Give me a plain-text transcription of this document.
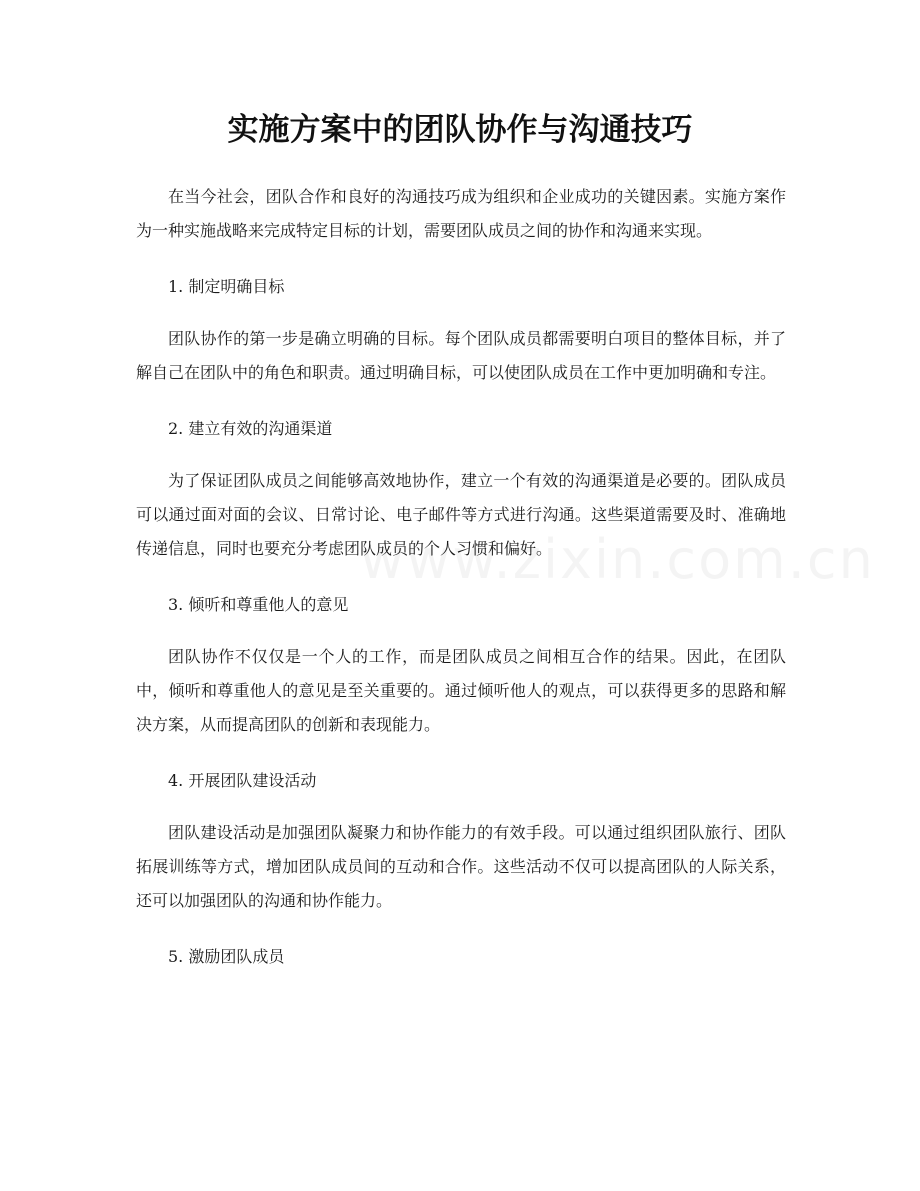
实施方案中的团队协作与沟通技巧

在当今社会，团队合作和良好的沟通技巧成为组织和企业成功的关键因素。实施方案作为一种实施战略来完成特定目标的计划，需要团队成员之间的协作和沟通来实现。

1. 制定明确目标

团队协作的第一步是确立明确的目标。每个团队成员都需要明白项目的整体目标，并了解自己在团队中的角色和职责。通过明确目标，可以使团队成员在工作中更加明确和专注。

2. 建立有效的沟通渠道

为了保证团队成员之间能够高效地协作，建立一个有效的沟通渠道是必要的。团队成员可以通过面对面的会议、日常讨论、电子邮件等方式进行沟通。这些渠道需要及时、准确地传递信息，同时也要充分考虑团队成员的个人习惯和偏好。

3. 倾听和尊重他人的意见

团队协作不仅仅是一个人的工作，而是团队成员之间相互合作的结果。因此，在团队中，倾听和尊重他人的意见是至关重要的。通过倾听他人的观点，可以获得更多的思路和解决方案，从而提高团队的创新和表现能力。

4. 开展团队建设活动

团队建设活动是加强团队凝聚力和协作能力的有效手段。可以通过组织团队旅行、团队拓展训练等方式，增加团队成员间的互动和合作。这些活动不仅可以提高团队的人际关系，还可以加强团队的沟通和协作能力。

5. 激励团队成员
